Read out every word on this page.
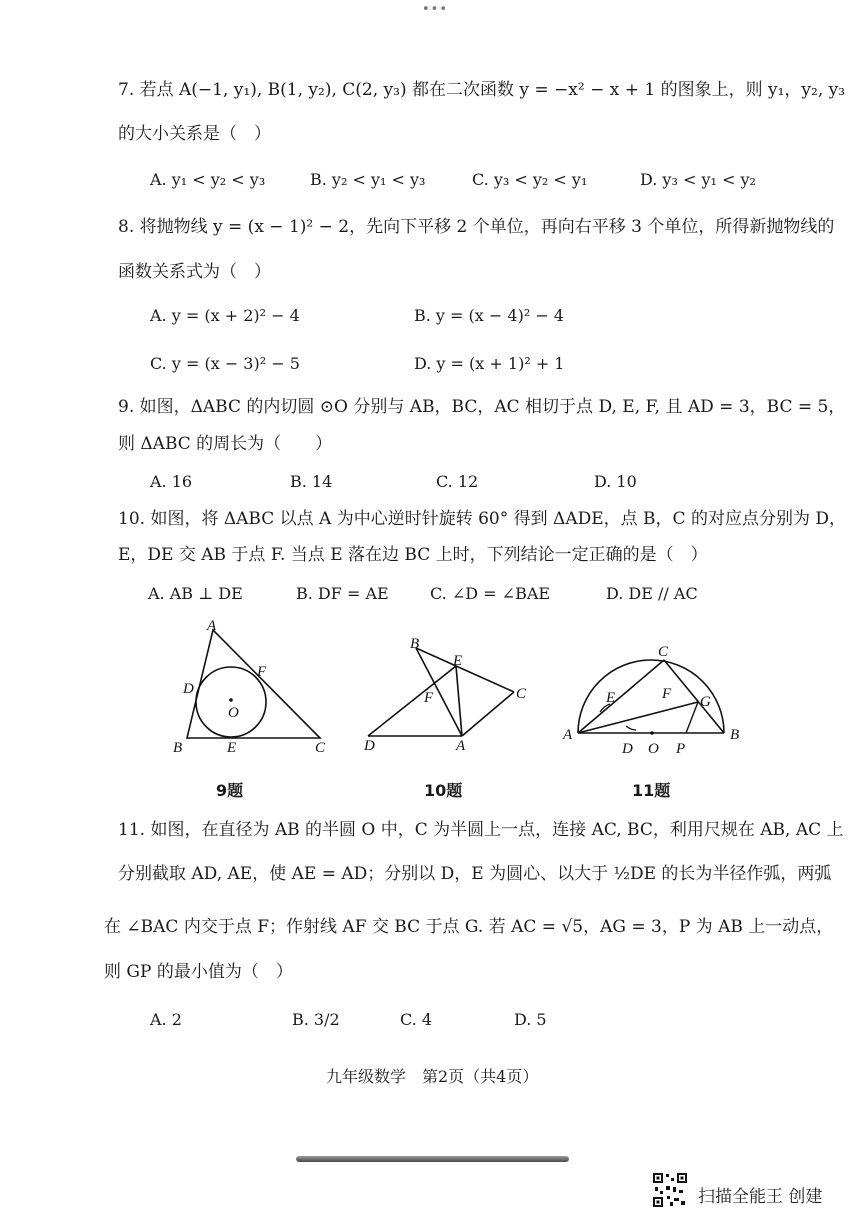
•••
7. 若点 A(−1, y₁), B(1, y₂), C(2, y₃) 都在二次函数 y = −x² − x + 1 的图象上，则 y₁，y₂, y₃
的大小关系是（　）
A. y₁ < y₂ < y₃	B. y₂ < y₁ < y₃	C. y₃ < y₂ < y₁	D. y₃ < y₁ < y₂
8. 将抛物线 y = (x − 1)² − 2，先向下平移 2 个单位，再向右平移 3 个单位，所得新抛物线的
函数关系式为（　）
A. y = (x + 2)² − 4	B. y = (x − 4)² − 4
C. y = (x − 3)² − 5	D. y = (x + 1)² + 1
9. 如图，ΔABC 的内切圆 ⊙O 分别与 AB，BC，AC 相切于点 D, E, F, 且 AD = 3，BC = 5，
则 ΔABC 的周长为（　　）
A. 16	B. 14	C. 12	D. 10
10. 如图，将 ΔABC 以点 A 为中心逆时针旋转 60° 得到 ΔADE，点 B，C 的对应点分别为 D，
E，DE 交 AB 于点 F. 当点 E 落在边 BC 上时，下列结论一定正确的是（　）
A. AB ⊥ DE	B. DF = AE	C. ∠D = ∠BAE	D. DE // AC
A
B	C
D
E
F
O
B
E
C
F
D	A
C
E	F G
A	B
D O P
9题	10题	11题
11. 如图，在直径为 AB 的半圆 O 中，C 为半圆上一点，连接 AC, BC，利用尺规在 AB, AC 上
分别截取 AD, AE，使 AE = AD；分别以 D，E 为圆心、以大于 ½DE 的长为半径作弧，两弧
在 ∠BAC 内交于点 F；作射线 AF 交 BC 于点 G. 若 AC = √5，AG = 3，P 为 AB 上一动点，
则 GP 的最小值为（　）
A. 2	B. 3/2	C. 4	D. 5
九年级数学　第2页（共4页）
扫描全能王 创建
